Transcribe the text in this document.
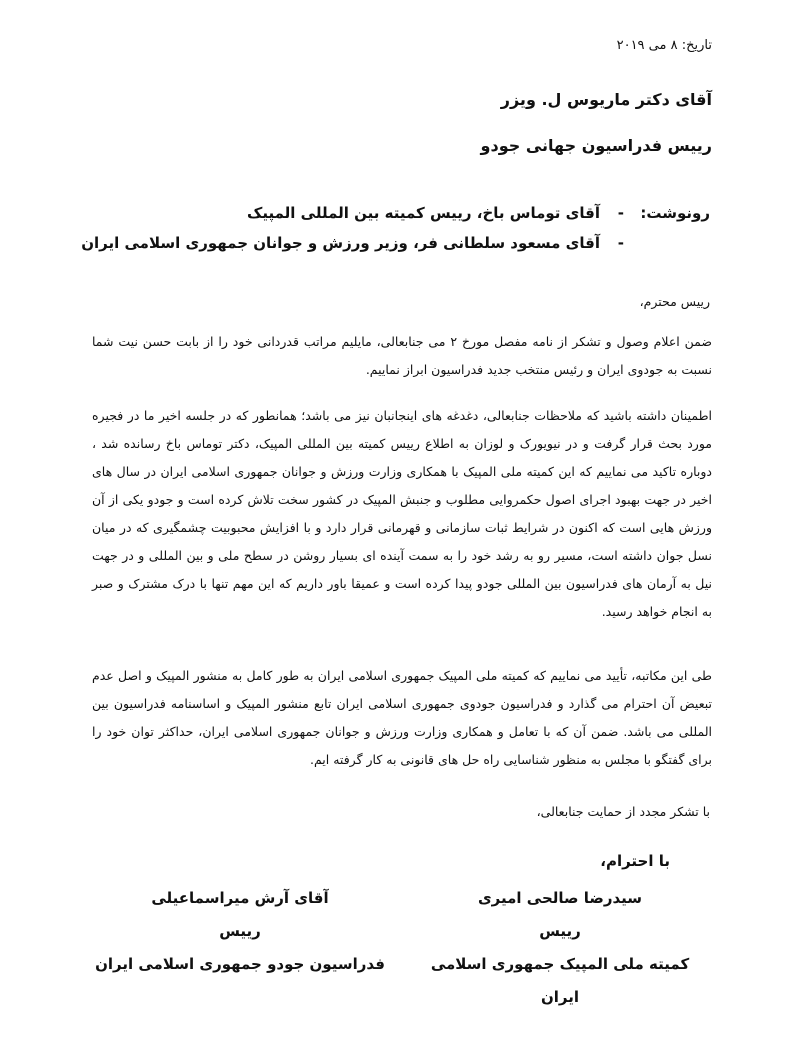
تاریخ: ۸ می ۲۰۱۹
آقای دکتر ماریوس ل. ویزر
رییس فدراسیون جهانی جودو
رونوشت:
-
آقای توماس باخ، رییس کمیته بین المللی المپیک
-
آقای مسعود سلطانی فر، وزیر ورزش و جوانان جمهوری اسلامی ایران
رییس محترم،

ضمن اعلام وصول و تشکر از نامه مفصل مورخ ۲ می جنابعالی، مایلیم مراتب قدردانی خود را از بابت حسن نیت شما نسبت به جودوی ایران و رئیس منتخب جدید فدراسیون ابراز نماییم.

اطمینان داشته باشید که ملاحظات جنابعالی، دغدغه های اینجانبان نیز می باشد؛ همانطور که در جلسه اخیر ما در فجیره مورد بحث قرار گرفت و در نیویورک و لوزان به اطلاع رییس کمیته بین المللی المپیک، دکتر توماس باخ رسانده شد ، دوباره تاکید می نماییم که این کمیته ملی المپیک با همکاری وزارت ورزش و جوانان جمهوری اسلامی ایران در سال های اخیر در جهت بهبود اجرای اصول حکمروایی مطلوب و جنبش المپیک در کشور سخت تلاش کرده است و جودو یکی از آن ورزش هایی است که اکنون در شرایط ثبات سازمانی و قهرمانی قرار دارد و با افزایش محبوبیت چشمگیری که در میان نسل جوان داشته است، مسیر رو به رشد خود را به سمت آینده ای بسیار روشن در سطح ملی و بین المللی و در جهت نیل به آرمان های فدراسیون بین المللی جودو پیدا کرده است و عمیقا باور داریم که این مهم تنها با درک مشترک و صبر به انجام خواهد رسید.

طی این مکاتبه، تأیید می نماییم که کمیته ملی المپیک جمهوری اسلامی ایران به طور کامل به منشور المپیک و اصل عدم تبعیض آن احترام می گذارد و فدراسیون جودوی جمهوری اسلامی ایران تابع منشور المپیک و اساسنامه فدراسیون بین المللی می باشد. ضمن آن که با تعامل و همکاری وزارت ورزش و جوانان جمهوری اسلامی ایران، حداکثر توان خود را برای گفتگو با مجلس به منظور شناسایی راه حل های قانونی به کار گرفته ایم.

با تشکر مجدد از حمایت جنابعالی،
با احترام،
سیدرضا صالحی امیری
رییس
کمیته ملی المپیک جمهوری اسلامی ایران
آقای آرش میراسماعیلی
رییس
فدراسیون جودو جمهوری اسلامی ایران
